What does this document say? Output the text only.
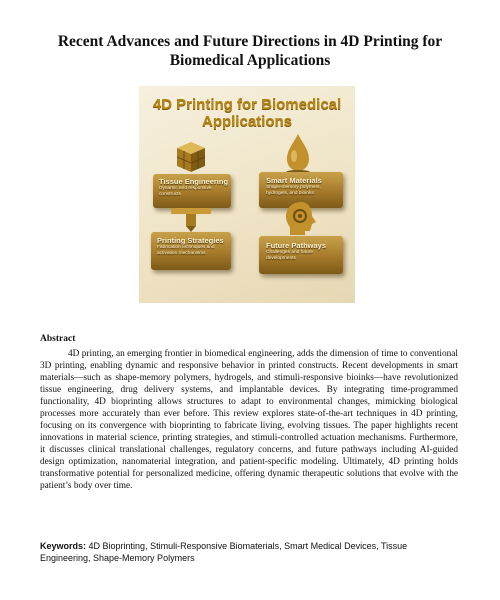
Recent Advances and Future Directions in 4D Printing for Biomedical Applications
4D Printing for Biomedical Applications
Tissue Engineering
Dynamic and responsive constructs
Smart Materials
Shape-memory polymers, hydrogels, and bioinks
Printing Strategies
Fabrication techniques and activation mechanisms
Future Pathways
Challenges and future developments
Abstract

4D printing, an emerging frontier in biomedical engineering, adds the dimension of time to conventional 3D printing, enabling dynamic and responsive behavior in printed constructs. Recent developments in smart materials—such as shape-memory polymers, hydrogels, and stimuli-responsive bioinks—have revolutionized tissue engineering, drug delivery systems, and implantable devices. By integrating time-programmed functionality, 4D bioprinting allows structures to adapt to environmental changes, mimicking biological processes more accurately than ever before. This review explores state-of-the-art techniques in 4D printing, focusing on its convergence with bioprinting to fabricate living, evolving tissues. The paper highlights recent innovations in material science, printing strategies, and stimuli-controlled actuation mechanisms. Furthermore, it discusses clinical translational challenges, regulatory concerns, and future pathways including AI-guided design optimization, nanomaterial integration, and patient-specific modeling. Ultimately, 4D printing holds transformative potential for personalized medicine, offering dynamic therapeutic solutions that evolve with the patient’s body over time.

Keywords: 4D Bioprinting, Stimuli-Responsive Biomaterials, Smart Medical Devices, Tissue Engineering, Shape-Memory Polymers
